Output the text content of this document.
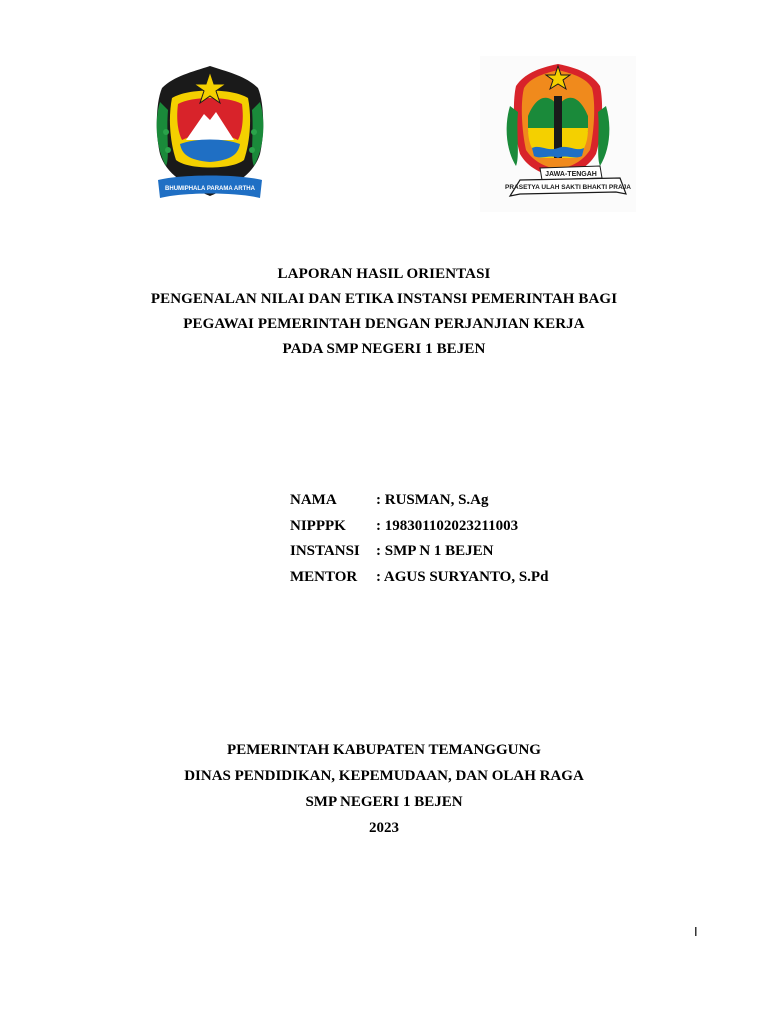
BHUMIPHALA PARAMA ARTHA
JAWA-TENGAH
PRASETYA ULAH SAKTI BHAKTI PRAJA
LAPORAN HASIL ORIENTASI
PENGENALAN NILAI DAN ETIKA INSTANSI PEMERINTAH BAGI
PEGAWAI PEMERINTAH DENGAN PERJANJIAN KERJA
PADA SMP NEGERI 1 BEJEN
NAMA	: RUSMAN, S.Ag
NIPPPK	: 198301102023211003
INSTANSI	: SMP N 1 BEJEN
MENTOR	: AGUS SURYANTO, S.Pd
PEMERINTAH KABUPATEN TEMANGGUNG
DINAS PENDIDIKAN, KEPEMUDAAN, DAN OLAH RAGA
SMP NEGERI 1 BEJEN
2023
I
